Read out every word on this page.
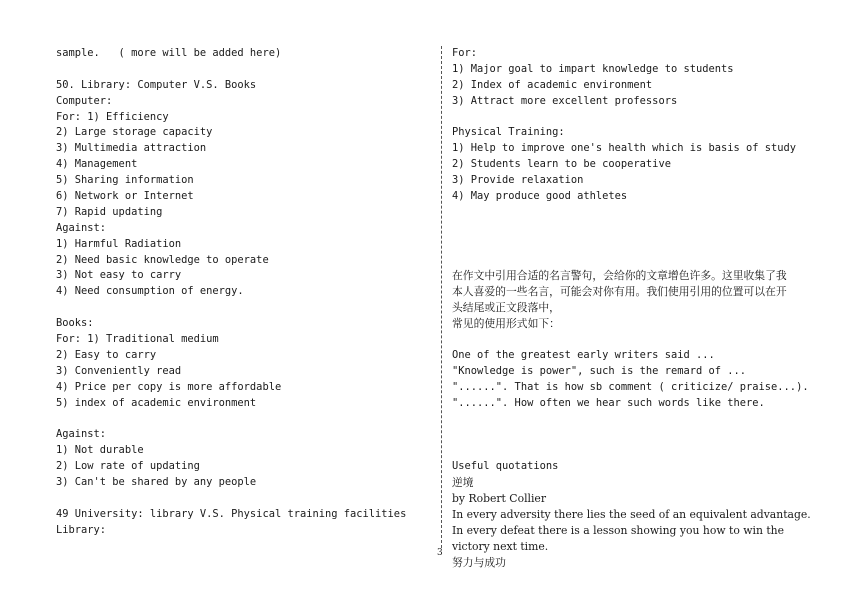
sample.   ( more will be added here)
50. Library: Computer V.S. Books
Computer:
For: 1) Efficiency
2) Large storage capacity
3) Multimedia attraction
4) Management
5) Sharing information
6) Network or Internet
7) Rapid updating
Against:
1) Harmful Radiation
2) Need basic knowledge to operate
3) Not easy to carry
4) Need consumption of energy.
Books:
For: 1) Traditional medium
2) Easy to carry
3) Conveniently read
4) Price per copy is more affordable
5) index of academic environment
Against:
1) Not durable
2) Low rate of updating
3) Can't be shared by any people
49 University: library V.S. Physical training facilities
Library:
For:
1) Major goal to impart knowledge to students
2) Index of academic environment
3) Attract more excellent professors
Physical Training:
1) Help to improve one's health which is basis of study
2) Students learn to be cooperative
3) Provide relaxation
4) May produce good athletes
在作文中引用合适的名言警句，会给你的文章增色许多。这里收集了我
本人喜爱的一些名言，可能会对你有用。我们使用引用的位置可以在开
头结尾或正文段落中，
常见的使用形式如下：
One of the greatest early writers said ...
"Knowledge is power", such is the remard of ...
"......". That is how sb comment ( criticize/ praise...).
"......". How often we hear such words like there.
Useful quotations
逆境
by Robert Collier
In every adversity there lies the seed of an equivalent advantage.
In every defeat there is a lesson showing you how to win the
victory next time.
努力与成功
3
